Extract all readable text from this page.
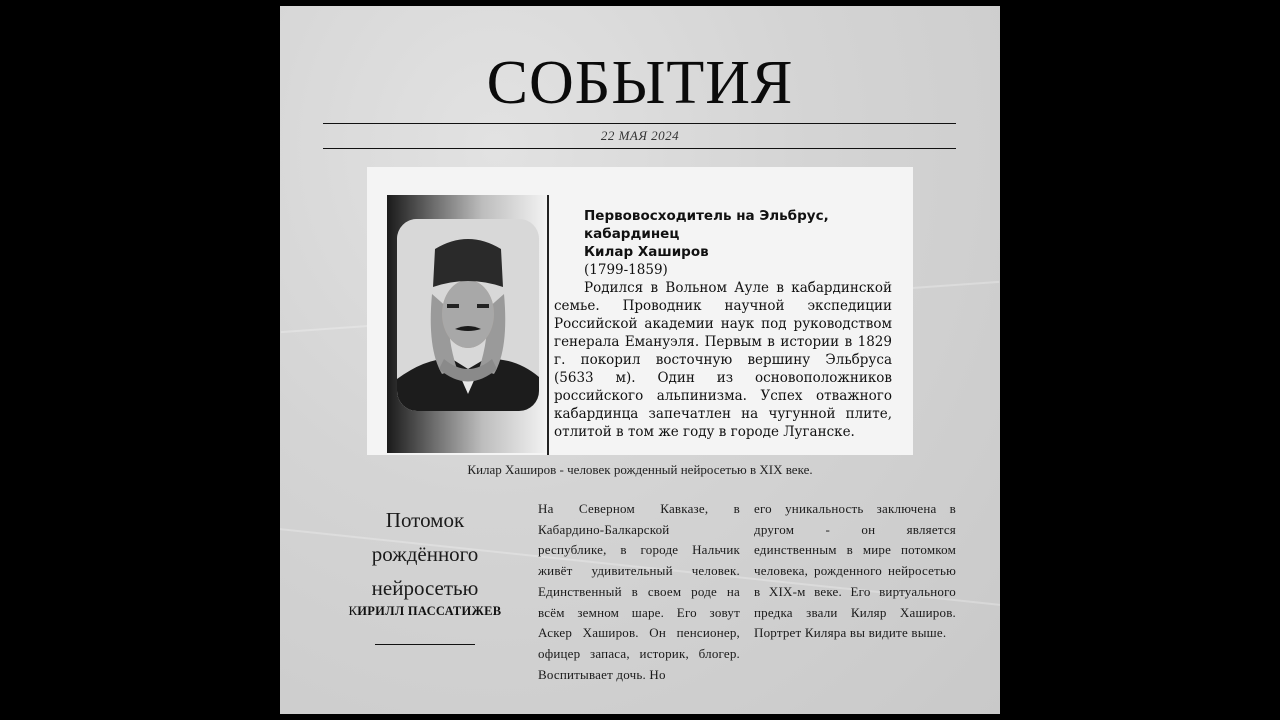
СОБЫТИЯ
22 МАЯ 2024
Первовосходитель на Эльбрус,
кабардинец
Килар Хаширов
(1799-1859)

Родился в Вольном Ауле в кабардинской семье. Проводник научной экспедиции Российской академии наук под руководством генерала Емануэля. Первым в истории в 1829 г. покорил восточную вершину Эльбруса (5633 м). Один из основоположников российского альпинизма. Успех отважного кабардинца запечатлен на чугунной плите, отлитой в том же году в городе Луганске.

Килар Хаширов - человек рожденный нейросетью в XIX веке.
Потомок рождённого нейросетью
КИРИЛЛ ПАССАТИЖЕВ
На Северном Кавказе, в Кабардино-Балкарской республике, в городе Нальчик живёт удивительный человек. Единственный в своем роде на всём земном шаре. Его зовут Аскер Хаширов. Он пенсионер, офицер запаса, историк, блогер. Воспитывает дочь. Но
его уникальность заключена в другом - он является единственным в мире потомком человека, рожденного нейросетью в XIX-м веке. Его виртуального предка звали Киляр Хаширов. Портрет Киляра вы видите выше.
